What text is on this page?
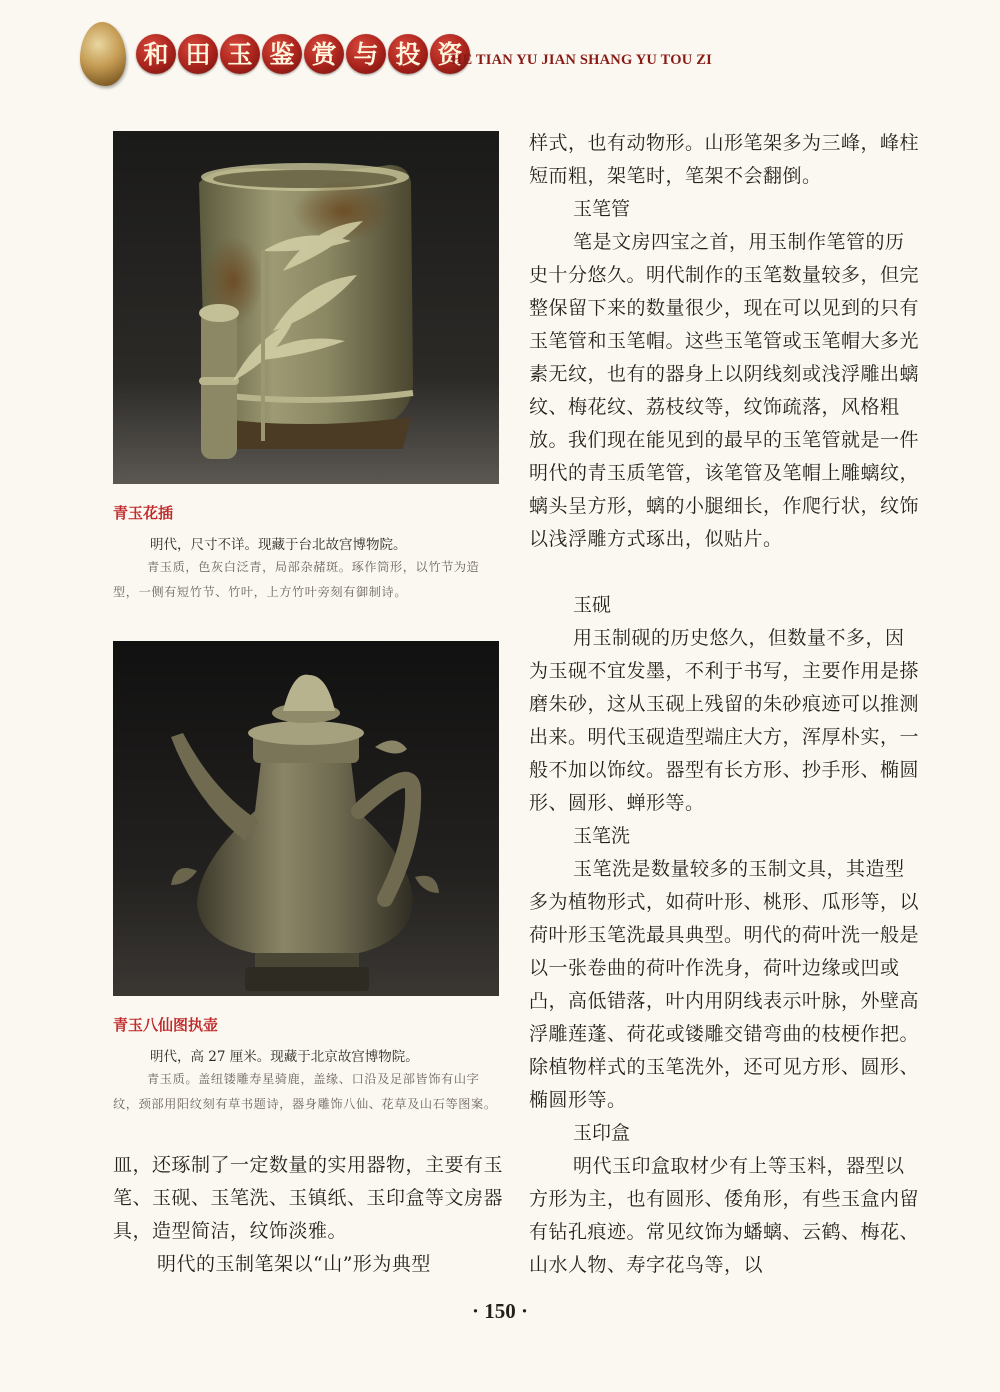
和 田 玉 鉴 赏 与 投 资
HE TIAN YU JIAN SHANG YU TOU ZI
青玉花插
明代，尺寸不详。现藏于台北故宫博物院。
青玉质，色灰白泛青，局部杂赭斑。琢作筒形，以竹节为造型，一侧有短竹节、竹叶，上方竹叶旁刻有御制诗。
青玉八仙图执壶
明代，高 27 厘米。现藏于北京故宫博物院。
青玉质。盖纽镂雕寿星骑鹿，盖缘、口沿及足部皆饰有山字纹，颈部用阳纹刻有草书题诗，器身雕饰八仙、花草及山石等图案。
皿，还琢制了一定数量的实用器物，主要有玉笔、玉砚、玉笔洗、玉镇纸、玉印盒等文房器具，造型简洁，纹饰淡雅。
明代的玉制笔架以“山”形为典型
样式，也有动物形。山形笔架多为三峰，峰柱短而粗，架笔时，笔架不会翻倒。
玉笔管
笔是文房四宝之首，用玉制作笔管的历史十分悠久。明代制作的玉笔数量较多，但完整保留下来的数量很少，现在可以见到的只有玉笔管和玉笔帽。这些玉笔管或玉笔帽大多光素无纹，也有的器身上以阴线刻或浅浮雕出螭纹、梅花纹、荔枝纹等，纹饰疏落，风格粗放。我们现在能见到的最早的玉笔管就是一件明代的青玉质笔管，该笔管及笔帽上雕螭纹，螭头呈方形，螭的小腿细长，作爬行状，纹饰以浅浮雕方式琢出，似贴片。
玉砚
用玉制砚的历史悠久，但数量不多，因为玉砚不宜发墨，不利于书写，主要作用是搽磨朱砂，这从玉砚上残留的朱砂痕迹可以推测出来。明代玉砚造型端庄大方，浑厚朴实，一般不加以饰纹。器型有长方形、抄手形、椭圆形、圆形、蝉形等。
玉笔洗
玉笔洗是数量较多的玉制文具，其造型多为植物形式，如荷叶形、桃形、瓜形等，以荷叶形玉笔洗最具典型。明代的荷叶洗一般是以一张卷曲的荷叶作洗身，荷叶边缘或凹或凸，高低错落，叶内用阴线表示叶脉，外壁高浮雕莲蓬、荷花或镂雕交错弯曲的枝梗作把。除植物样式的玉笔洗外，还可见方形、圆形、椭圆形等。
玉印盒
明代玉印盒取材少有上等玉料，器型以方形为主，也有圆形、倭角形，有些玉盒内留有钻孔痕迹。常见纹饰为蟠螭、云鹤、梅花、山水人物、寿字花鸟等，以
· 150 ·
